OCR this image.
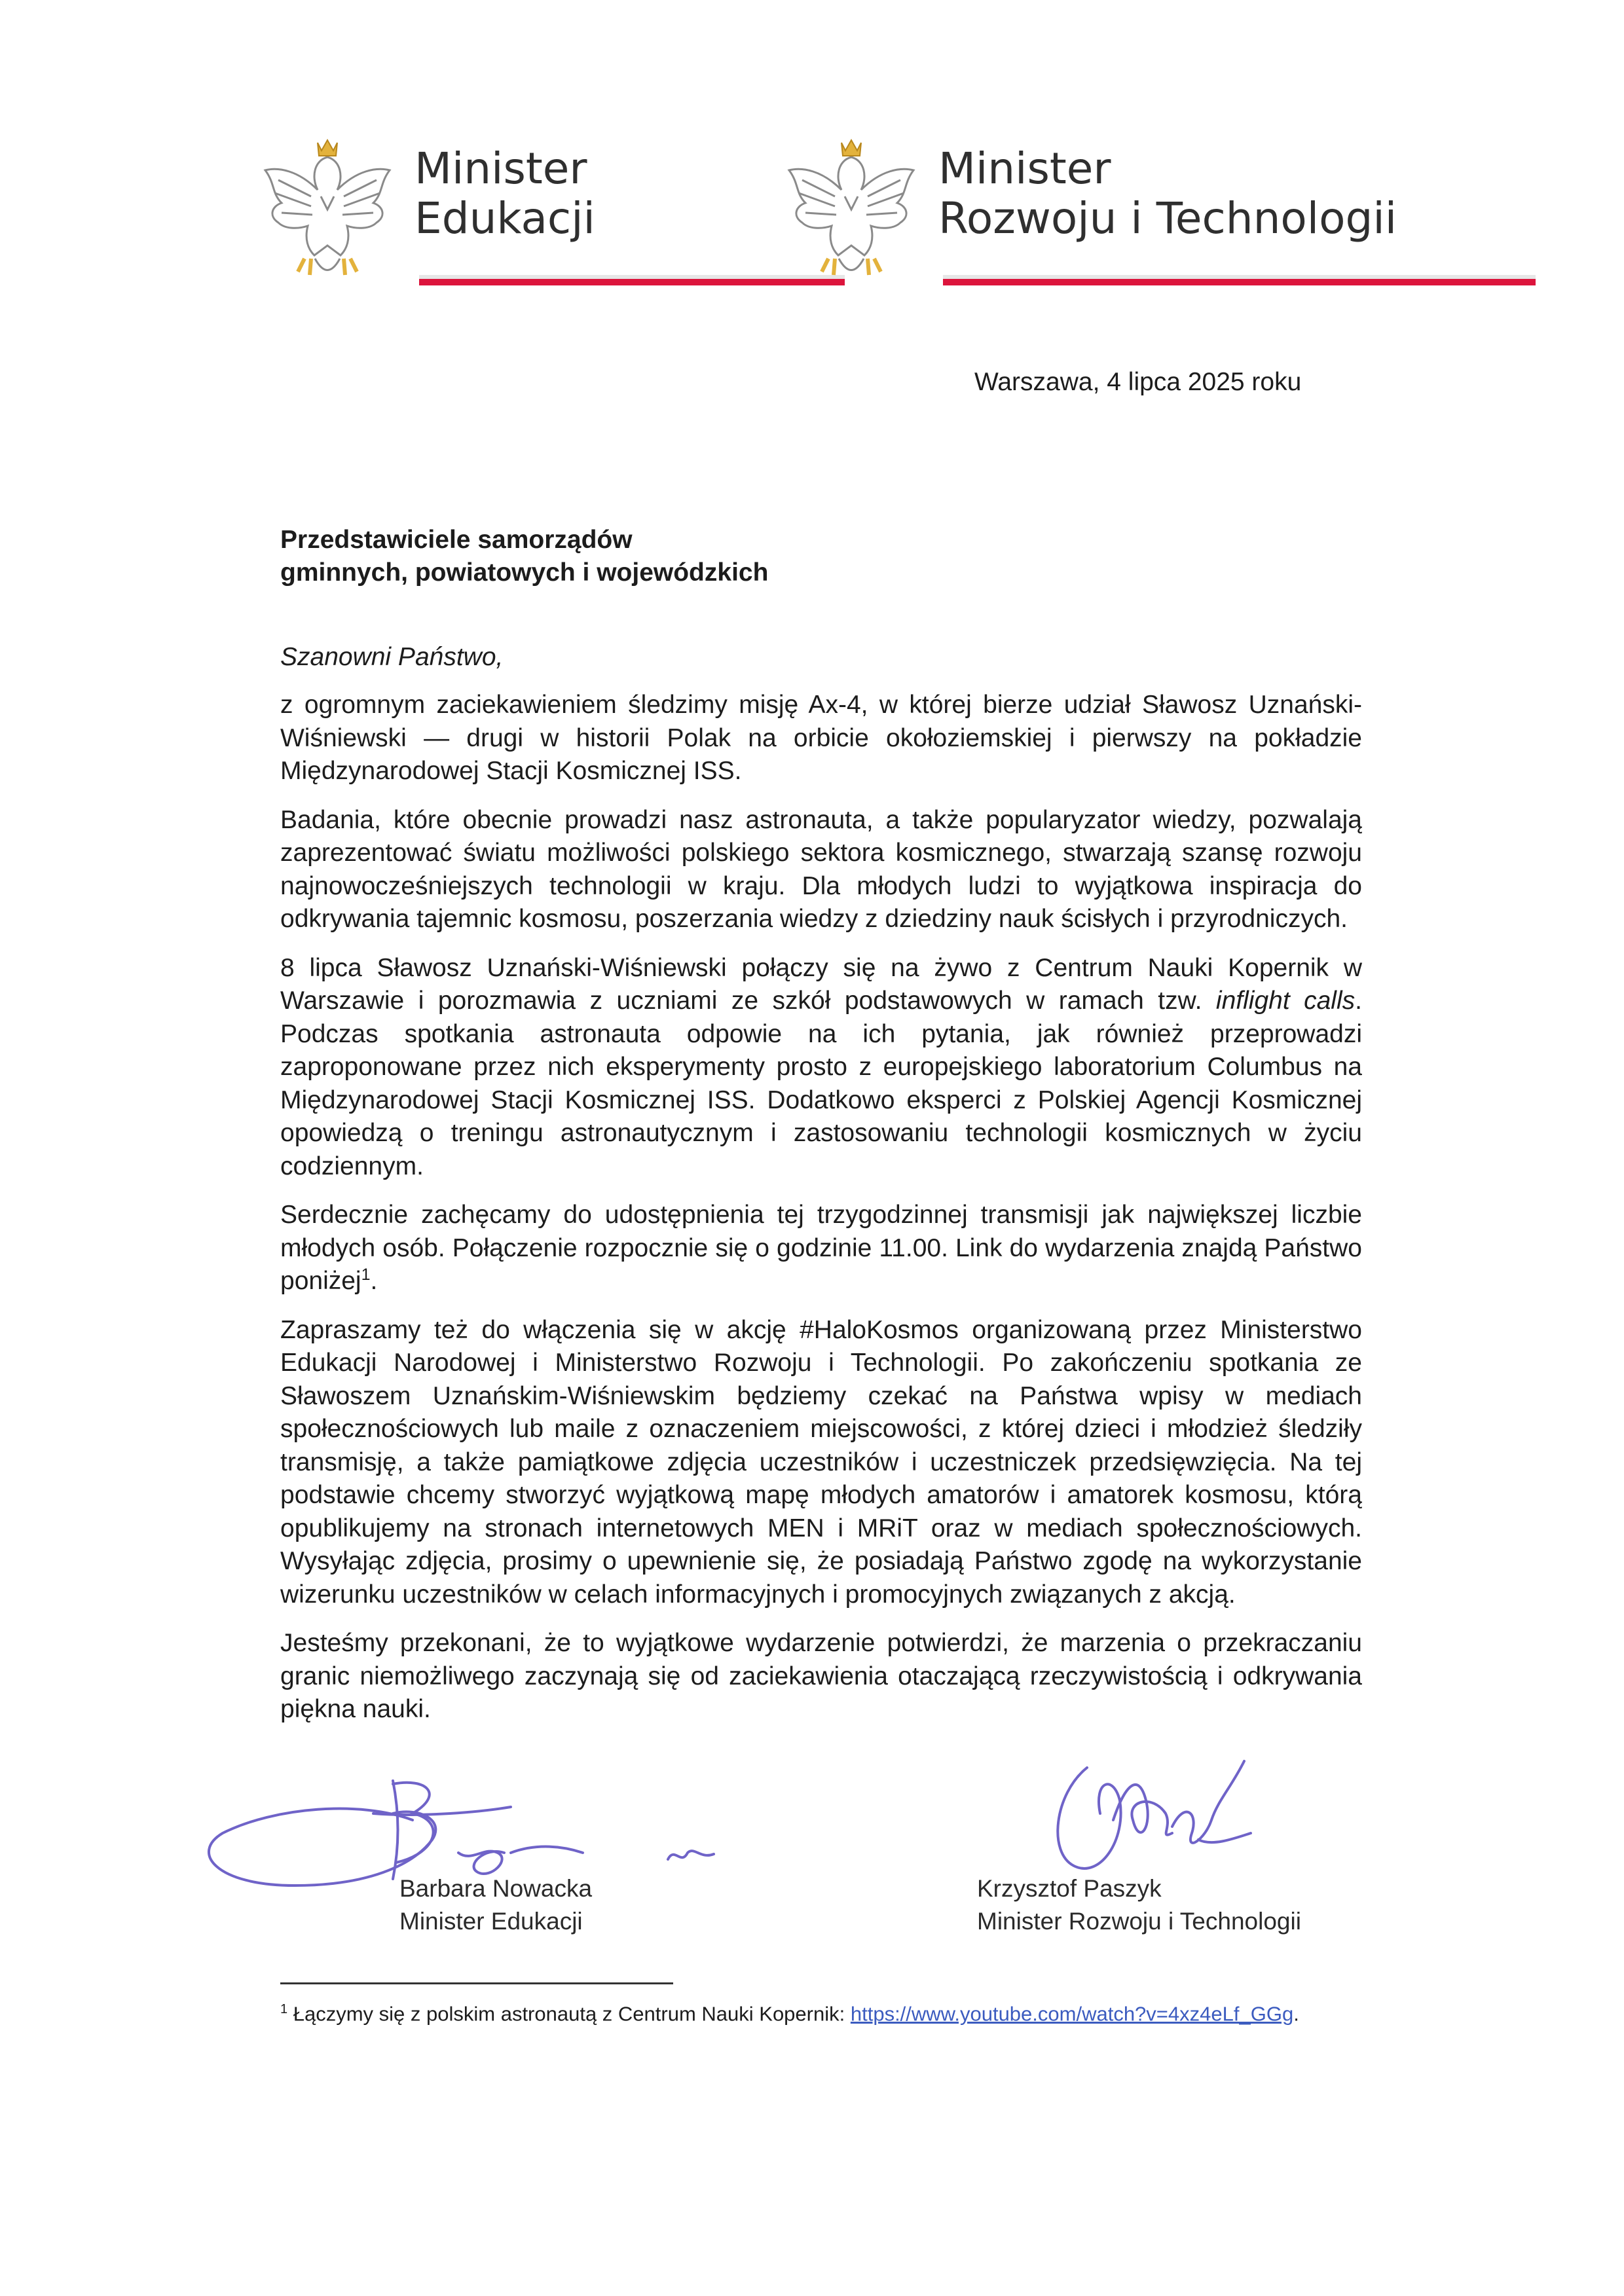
Minister
Edukacji
Minister
Rozwoju i Technologii
Warszawa, 4 lipca 2025 roku
Przedstawiciele samorządów
gminnych, powiatowych i wojewódzkich
Szanowni Państwo,

z ogromnym zaciekawieniem śledzimy misję Ax-4, w której bierze udział Sławosz Uznański-Wiśniewski — drugi w historii Polak na orbicie okołoziemskiej i pierwszy na pokładzie Międzynarodowej Stacji Kosmicznej ISS.

Badania, które obecnie prowadzi nasz astronauta, a także popularyzator wiedzy, pozwalają zaprezentować światu możliwości polskiego sektora kosmicznego, stwarzają szansę rozwoju najnowocześniejszych technologii w kraju. Dla młodych ludzi to wyjątkowa inspiracja do odkrywania tajemnic kosmosu, poszerzania wiedzy z dziedziny nauk ścisłych i przyrodniczych.

8 lipca Sławosz Uznański-Wiśniewski połączy się na żywo z Centrum Nauki Kopernik w Warszawie i porozmawia z uczniami ze szkół podstawowych w ramach tzw. inflight calls. Podczas spotkania astronauta odpowie na ich pytania, jak również przeprowadzi zaproponowane przez nich eksperymenty prosto z europejskiego laboratorium Columbus na Międzynarodowej Stacji Kosmicznej ISS. Dodatkowo eksperci z Polskiej Agencji Kosmicznej opowiedzą o treningu astronautycznym i zastosowaniu technologii kosmicznych w życiu codziennym.

Serdecznie zachęcamy do udostępnienia tej trzygodzinnej transmisji jak największej liczbie młodych osób. Połączenie rozpocznie się o godzinie 11.00. Link do wydarzenia znajdą Państwo poniżej$^1$.

Zapraszamy też do włączenia się w akcję #HaloKosmos organizowaną przez Ministerstwo Edukacji Narodowej i Ministerstwo Rozwoju i Technologii. Po zakończeniu spotkania ze Sławoszem Uznańskim-Wiśniewskim będziemy czekać na Państwa wpisy w mediach społecznościowych lub maile z oznaczeniem miejscowości, z której dzieci i młodzież śledziły transmisję, a także pamiątkowe zdjęcia uczestników i uczestniczek przedsięwzięcia. Na tej podstawie chcemy stworzyć wyjątkową mapę młodych amatorów i amatorek kosmosu, którą opublikujemy na stronach internetowych MEN i MRiT oraz w mediach społecznościowych. Wysyłając zdjęcia, prosimy o upewnienie się, że posiadają Państwo zgodę na wykorzystanie wizerunku uczestników w celach informacyjnych i promocyjnych związanych z akcją.

Jesteśmy przekonani, że to wyjątkowe wydarzenie potwierdzi, że marzenia o przekraczaniu granic niemożliwego zaczynają się od zaciekawienia otaczającą rzeczywistością i odkrywania piękna nauki.

Barbara Nowacka
Minister Edukacji
Krzysztof Paszyk
Minister Rozwoju i Technologii
$^1$ Łączymy się z polskim astronautą z Centrum Nauki Kopernik: https://www.youtube.com/watch?v=4xz4eLf_GGg.
